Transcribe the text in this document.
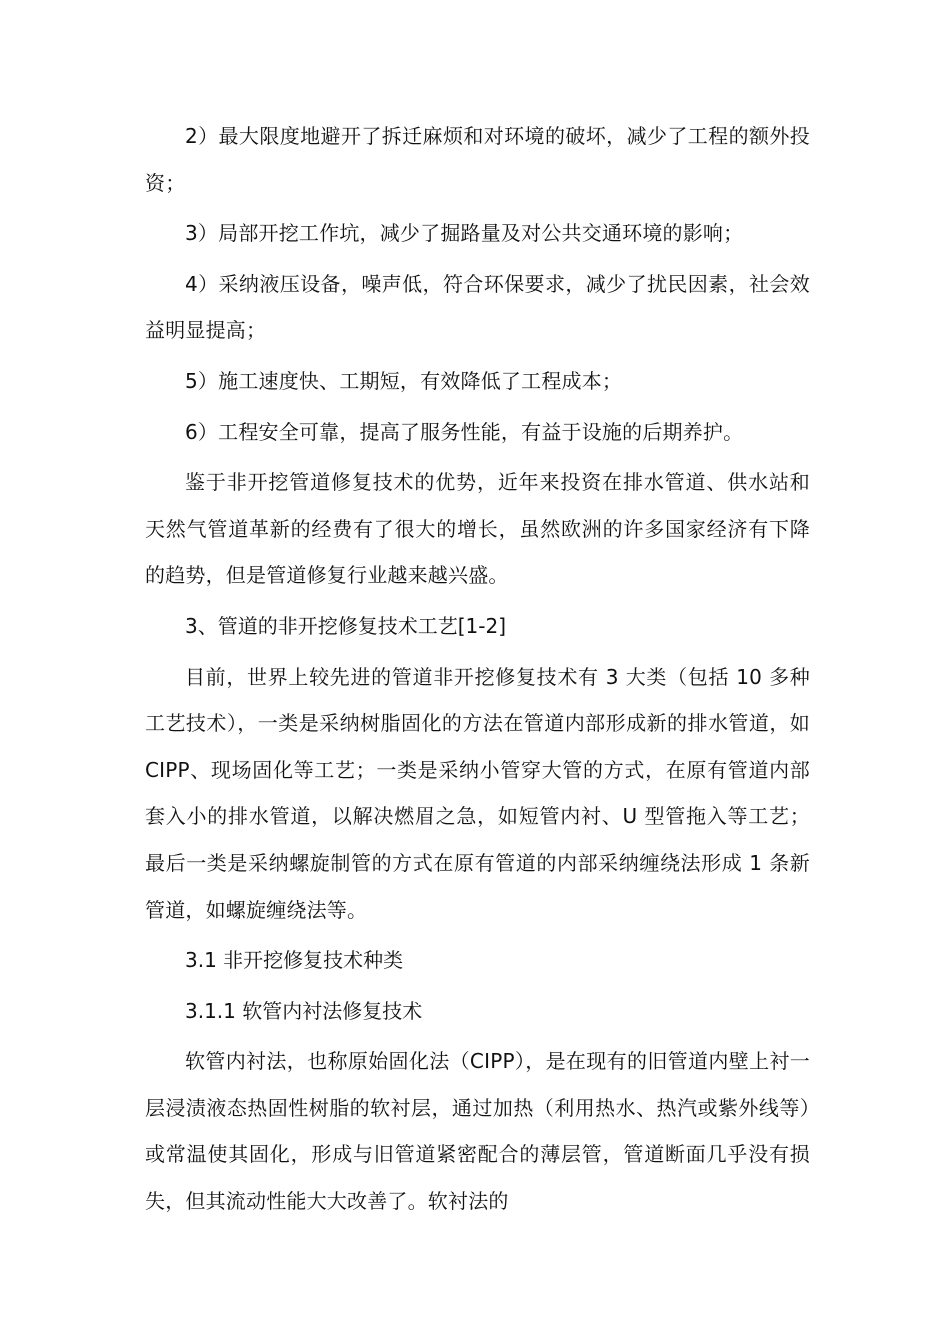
2）最大限度地避开了拆迁麻烦和对环境的破坏，减少了工程的额外投资；

3）局部开挖工作坑，减少了掘路量及对公共交通环境的影响；

4）采纳液压设备，噪声低，符合环保要求，减少了扰民因素，社会效益明显提高；

5）施工速度快、工期短，有效降低了工程成本；

6）工程安全可靠，提高了服务性能，有益于设施的后期养护。

鉴于非开挖管道修复技术的优势，近年来投资在排水管道、供水站和天然气管道革新的经费有了很大的增长，虽然欧洲的许多国家经济有下降的趋势，但是管道修复行业越来越兴盛。

3、管道的非开挖修复技术工艺[1-2]

目前，世界上较先进的管道非开挖修复技术有 3 大类（包括 10 多种工艺技术），一类是采纳树脂固化的方法在管道内部形成新的排水管道，如 CIPP、现场固化等工艺；一类是采纳小管穿大管的方式，在原有管道内部套入小的排水管道，以解决燃眉之急，如短管内衬、U 型管拖入等工艺；最后一类是采纳螺旋制管的方式在原有管道的内部采纳缠绕法形成 1 条新管道，如螺旋缠绕法等。

3.1 非开挖修复技术种类

3.1.1 软管内衬法修复技术

软管内衬法，也称原始固化法（CIPP），是在现有的旧管道内壁上衬一层浸渍液态热固性树脂的软衬层，通过加热（利用热水、热汽或紫外线等）或常温使其固化，形成与旧管道紧密配合的薄层管，管道断面几乎没有损失，但其流动性能大大改善了。软衬法的
